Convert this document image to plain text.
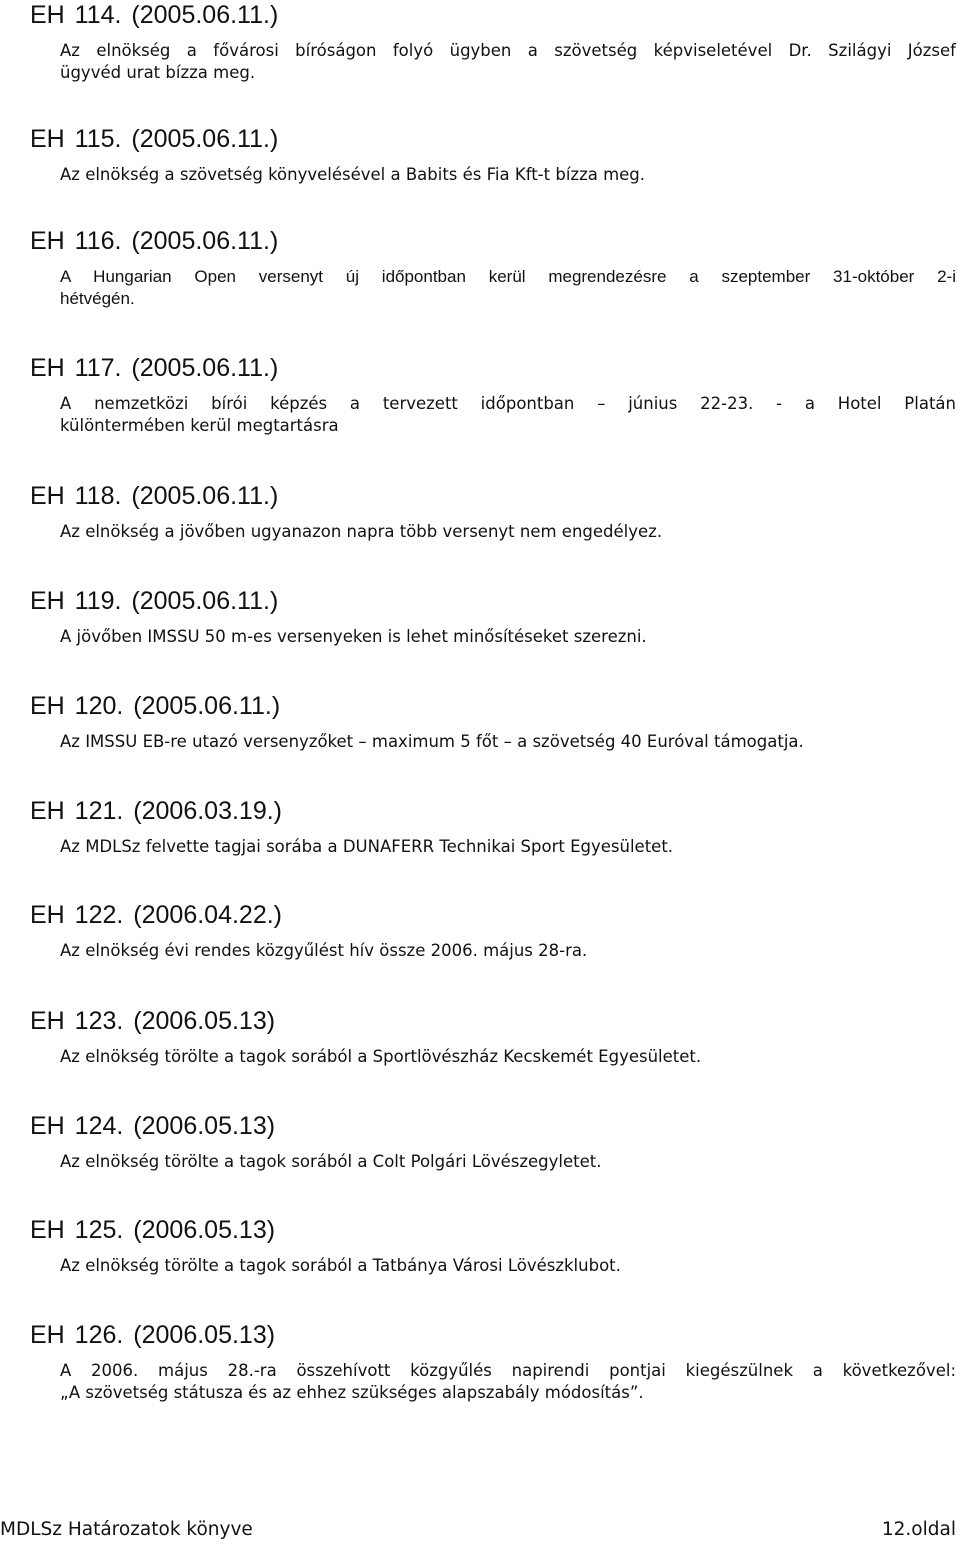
EH 114. (2005.06.11.)
Az elnökség a fővárosi bíróságon folyó ügyben a szövetség képviseletével Dr. Szilágyi József
ügyvéd urat bízza meg.
EH 115. (2005.06.11.)
Az elnökség a szövetség könyvelésével a Babits és Fia Kft-t bízza meg.
EH 116. (2005.06.11.)
A Hungarian Open versenyt új időpontban kerül megrendezésre a szeptember 31-október 2-i
hétvégén.
EH 117. (2005.06.11.)
A nemzetközi bírói képzés a tervezett időpontban – június 22-23. - a Hotel Platán
különtermében kerül megtartásra
EH 118. (2005.06.11.)
Az elnökség a jövőben ugyanazon napra több versenyt nem engedélyez.
EH 119. (2005.06.11.)
A jövőben IMSSU 50 m-es versenyeken is lehet minősítéseket szerezni.
EH 120. (2005.06.11.)
Az IMSSU EB-re utazó versenyzőket – maximum 5 főt – a szövetség 40 Euróval támogatja.
EH 121. (2006.03.19.)
Az MDLSz felvette tagjai sorába a DUNAFERR Technikai Sport Egyesületet.
EH 122. (2006.04.22.)
Az elnökség évi rendes közgyűlést hív össze 2006. május 28-ra.
EH 123. (2006.05.13)
Az elnökség törölte a tagok sorából a Sportlövészház Kecskemét Egyesületet.
EH 124. (2006.05.13)
Az elnökség törölte a tagok sorából a Colt Polgári Lövészegyletet.
EH 125. (2006.05.13)
Az elnökség törölte a tagok sorából a Tatbánya Városi Lövészklubot.
EH 126. (2006.05.13)
A 2006. május 28.-ra összehívott közgyűlés napirendi pontjai kiegészülnek a következővel:
„A szövetség státusza és az ehhez szükséges alapszabály módosítás”.
MDLSz Határozatok könyve	12.oldal
